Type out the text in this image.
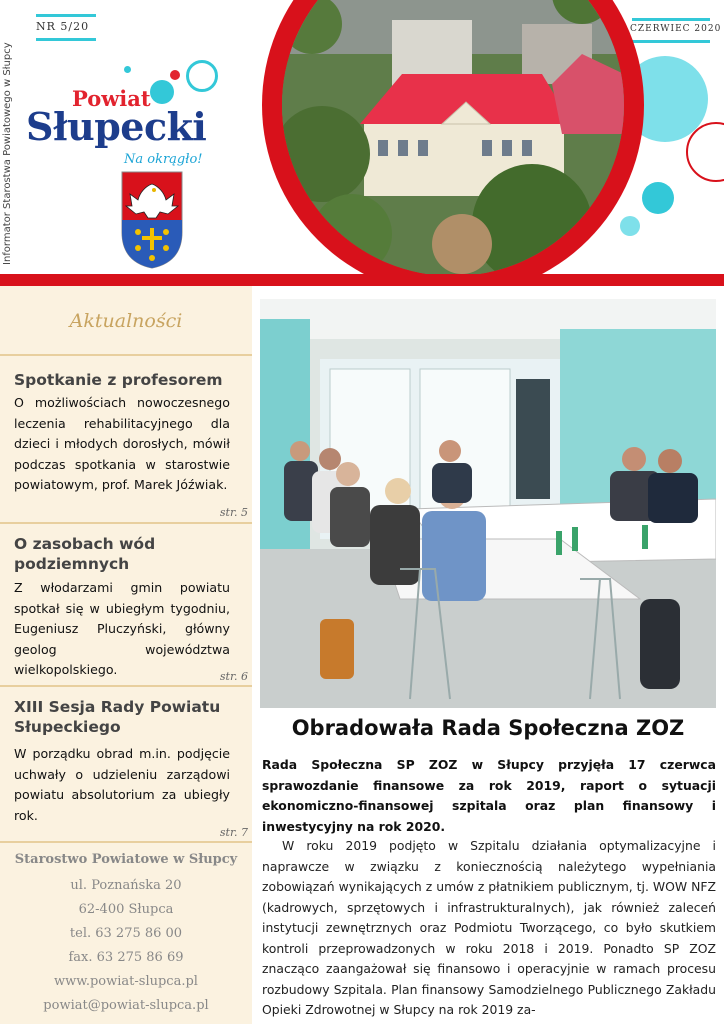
NR 5/20
Informator Starostwa Powiatowego w Słupcy
CZERWIEC 2020
Powiat
Słupecki
Na okrągło!
Aktualności
Spotkanie z profesorem
O możliwościach nowoczesnego leczenia rehabilitacyjnego dla dzieci i młodych dorosłych, mówił podczas spotkania w starostwie powiatowym, prof. Marek Jóźwiak.
str. 5
O zasobach wód podziemnych
Z włodarzami gmin powiatu spotkał się w ubiegłym tygodniu, Eugeniusz Pluczyński, główny geolog województwa wielkopolskiego.	str. 6
XIII Sesja Rady Powiatu Słupeckiego
W porządku obrad m.in. podjęcie uchwały o udzieleniu zarządowi powiatu absolutorium za ubiegły rok.
str. 7
Starostwo Powiatowe w Słupcy
ul. Poznańska 20
62-400 Słupca
tel. 63 275 86 00
fax. 63 275 86 69
www.powiat-slupca.pl
powiat@powiat-slupca.pl
Obradowała Rada Społeczna ZOZ
Rada Społeczna SP ZOZ w Słupcy przyjęła 17 czerwca sprawozdanie finansowe za rok 2019, raport o sytuacji ekonomiczno-finansowej szpitala oraz plan finansowy i inwestycyjny na rok 2020.
W roku 2019 podjęto w Szpitalu działania optymalizacyjne i naprawcze w związku z koniecznością należytego wypełniania zobowiązań wynikających z umów z płatnikiem publicznym, tj. WOW NFZ (kadrowych, sprzętowych i infrastrukturalnych), jak również zaleceń instytucji zewnętrznych oraz Podmiotu Tworzącego, co było skutkiem kontroli przeprowadzonych w roku 2018 i 2019. Ponadto SP ZOZ znacząco zaangażował się finansowo i operacyjnie w ramach procesu rozbudowy Szpitala. Plan finansowy Samodzielnego Publicznego Zakładu Opieki Zdrowotnej w Słupcy na rok 2019 za-
